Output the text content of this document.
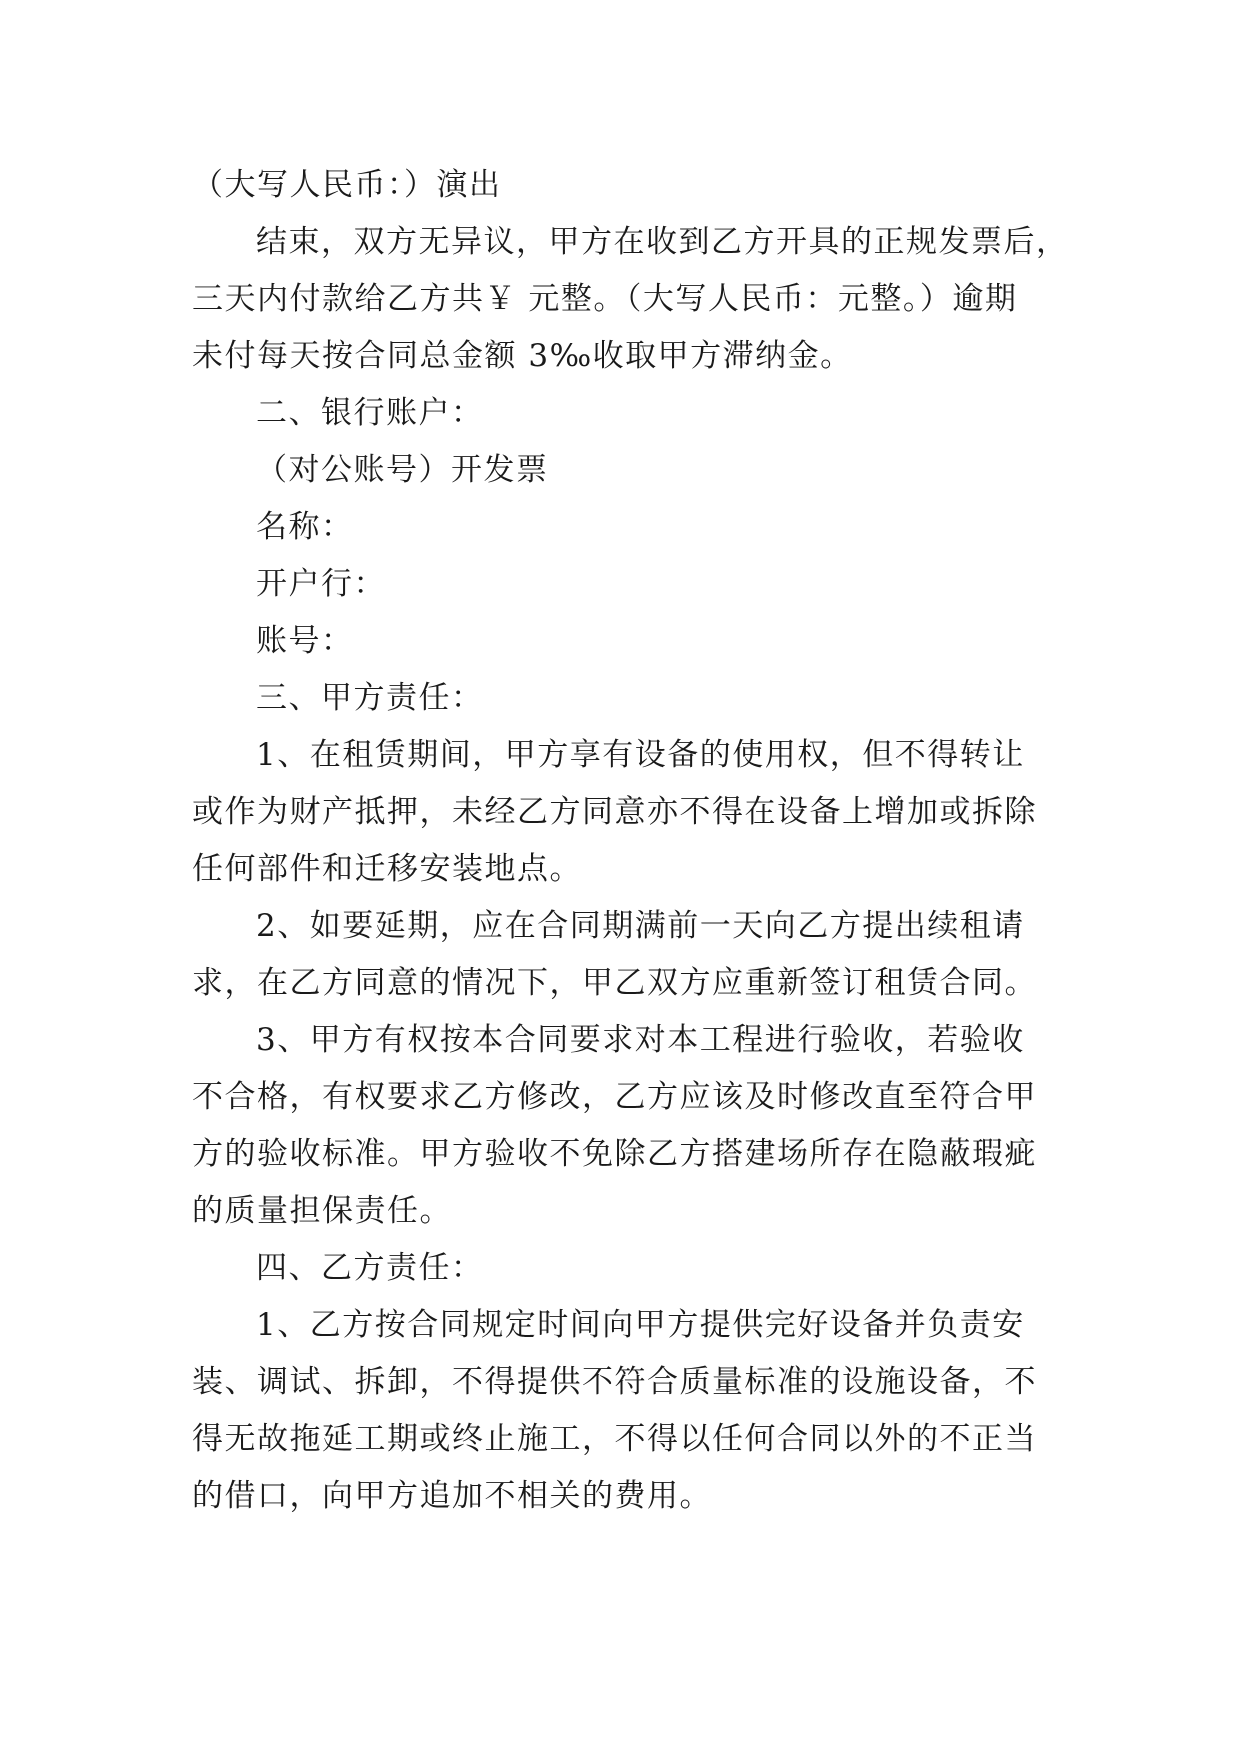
（大写人民币：）演出
结束，双方无异议，甲方在收到乙方开具的正规发票后，
三天内付款给乙方共￥ 元整。（大写人民币：元整。）逾期
未付每天按合同总金额 3‰收取甲方滞纳金。
二、银行账户：
（对公账号）开发票
名称：
开户行：
账号：
三、甲方责任：
1、在租赁期间，甲方享有设备的使用权，但不得转让
或作为财产抵押，未经乙方同意亦不得在设备上增加或拆除
任何部件和迁移安装地点。
2、如要延期，应在合同期满前一天向乙方提出续租请
求，在乙方同意的情况下，甲乙双方应重新签订租赁合同。
3、甲方有权按本合同要求对本工程进行验收，若验收
不合格，有权要求乙方修改，乙方应该及时修改直至符合甲
方的验收标准。甲方验收不免除乙方搭建场所存在隐蔽瑕疵
的质量担保责任。
四、乙方责任：
1、乙方按合同规定时间向甲方提供完好设备并负责安
装、调试、拆卸，不得提供不符合质量标准的设施设备，不
得无故拖延工期或终止施工，不得以任何合同以外的不正当
的借口，向甲方追加不相关的费用。
